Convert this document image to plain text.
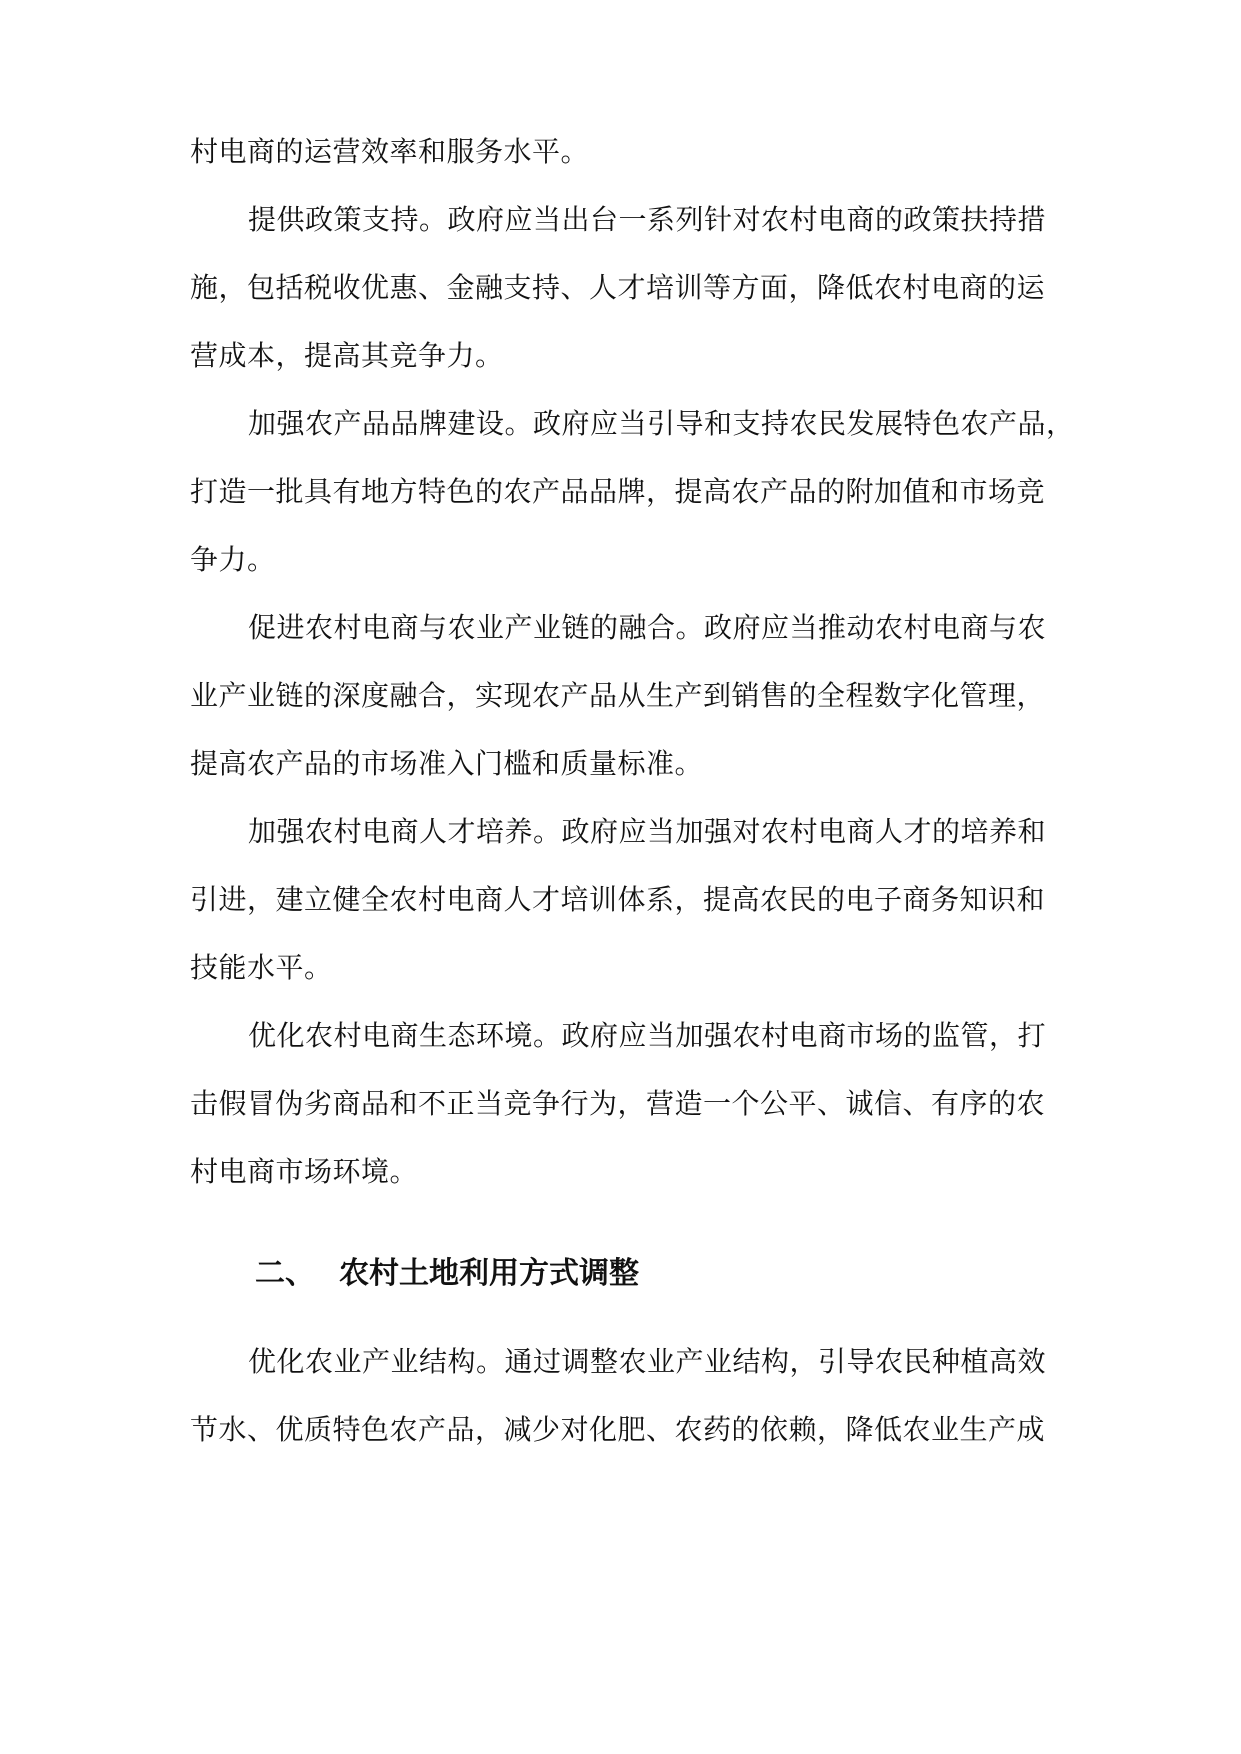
村电商的运营效率和服务水平。
提供政策支持。政府应当出台一系列针对农村电商的政策扶持措
施，包括税收优惠、金融支持、人才培训等方面，降低农村电商的运
营成本，提高其竞争力。
加强农产品品牌建设。政府应当引导和支持农民发展特色农产品，
打造一批具有地方特色的农产品品牌，提高农产品的附加值和市场竞
争力。
促进农村电商与农业产业链的融合。政府应当推动农村电商与农
业产业链的深度融合，实现农产品从生产到销售的全程数字化管理，
提高农产品的市场准入门槛和质量标准。
加强农村电商人才培养。政府应当加强对农村电商人才的培养和
引进，建立健全农村电商人才培训体系，提高农民的电子商务知识和
技能水平。
优化农村电商生态环境。政府应当加强农村电商市场的监管，打
击假冒伪劣商品和不正当竞争行为，营造一个公平、诚信、有序的农
村电商市场环境。
二、 农村土地利用方式调整
优化农业产业结构。通过调整农业产业结构，引导农民种植高效
节水、优质特色农产品，减少对化肥、农药的依赖，降低农业生产成
